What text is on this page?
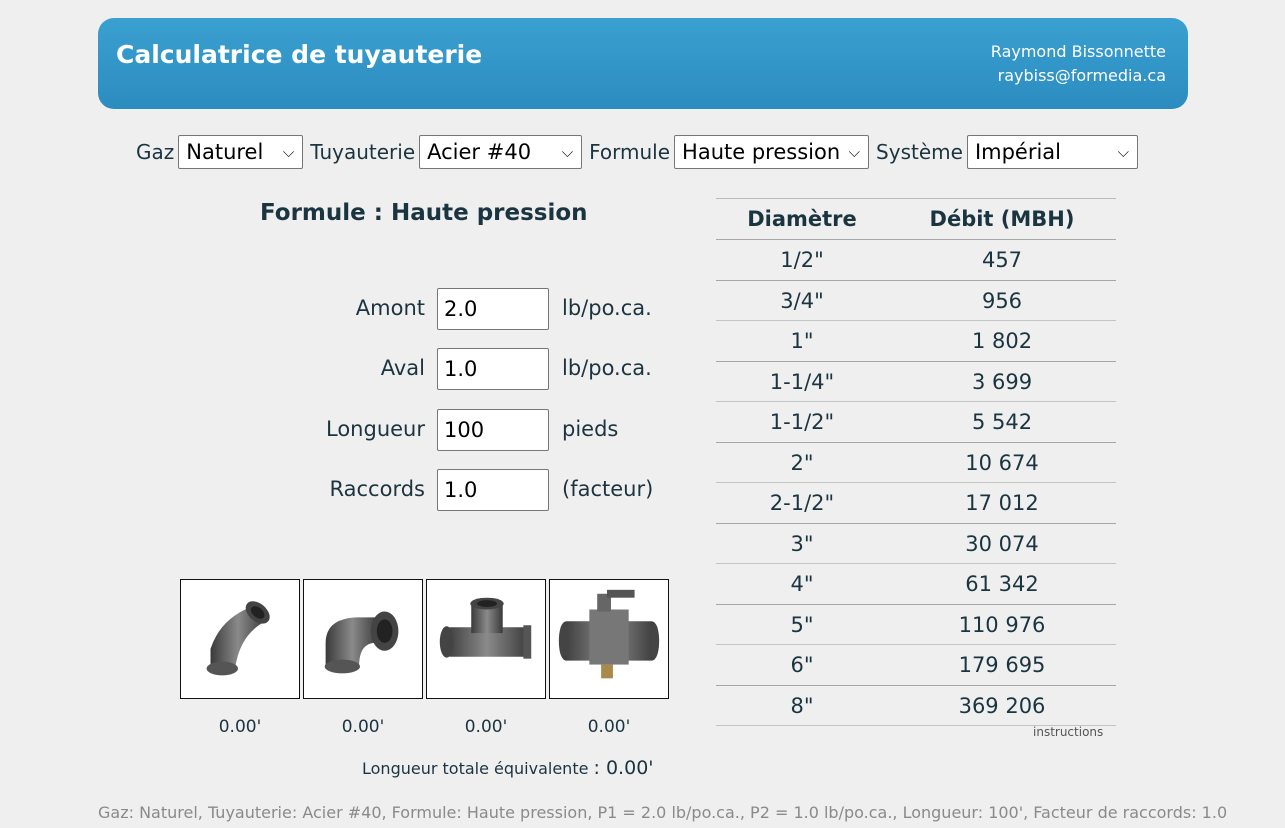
Calculatrice de tuyauterie	Raymond Bissonnette
raybiss@formedia.ca
Gaz Naturel ⌵ Tuyauterie Acier #40 ⌵ Formule Haute pression ⌵ Système Impérial	⌵
Formule : Haute pression
Amont 2.0	lb/po.ca.
Aval 1.0	lb/po.ca.
Longueur 100	pieds
Raccords 1.0	(facteur)
0.00'	0.00'	0.00'	0.00'
Longueur totale équivalente : 0.00'
Diamètre	Débit (MBH)
1/2"	457
3/4"	956
1"	1 802
1-1/4"	3 699
1-1/2"	5 542
2"	10 674
2-1/2"	17 012
3"	30 074
4"	61 342
5"	110 976
6"	179 695
8"	369 206
instructions
Gaz: Naturel, Tuyauterie: Acier #40, Formule: Haute pression, P1 = 2.0 lb/po.ca., P2 = 1.0 lb/po.ca., Longueur: 100', Facteur de raccords: 1.0
